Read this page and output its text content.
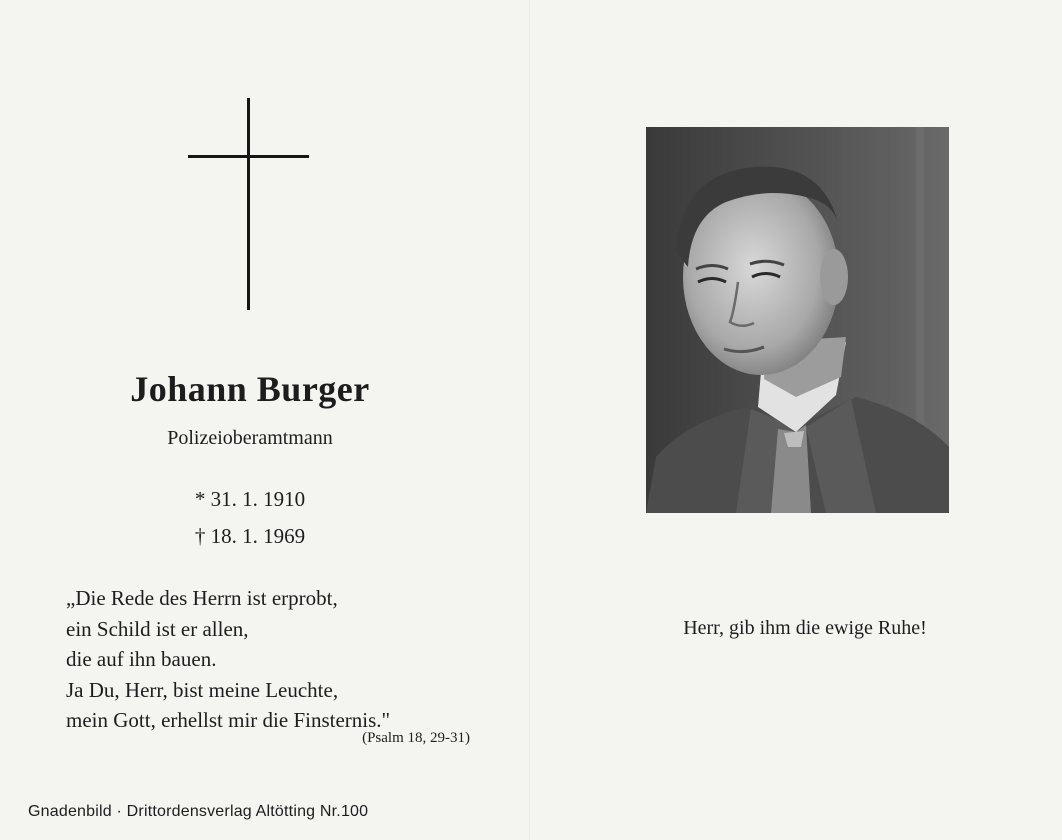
Johann Burger
Polizeioberamtmann
* 31. 1. 1910
† 18. 1. 1969
„Die Rede des Herrn ist erprobt,
ein Schild ist er allen,
die auf ihn bauen.
Ja Du, Herr, bist meine Leuchte,
mein Gott, erhellst mir die Finsternis."
(Psalm 18, 29-31)
Gnadenbild · Drittordensverlag Altötting Nr.100
Herr, gib ihm die ewige Ruhe!
